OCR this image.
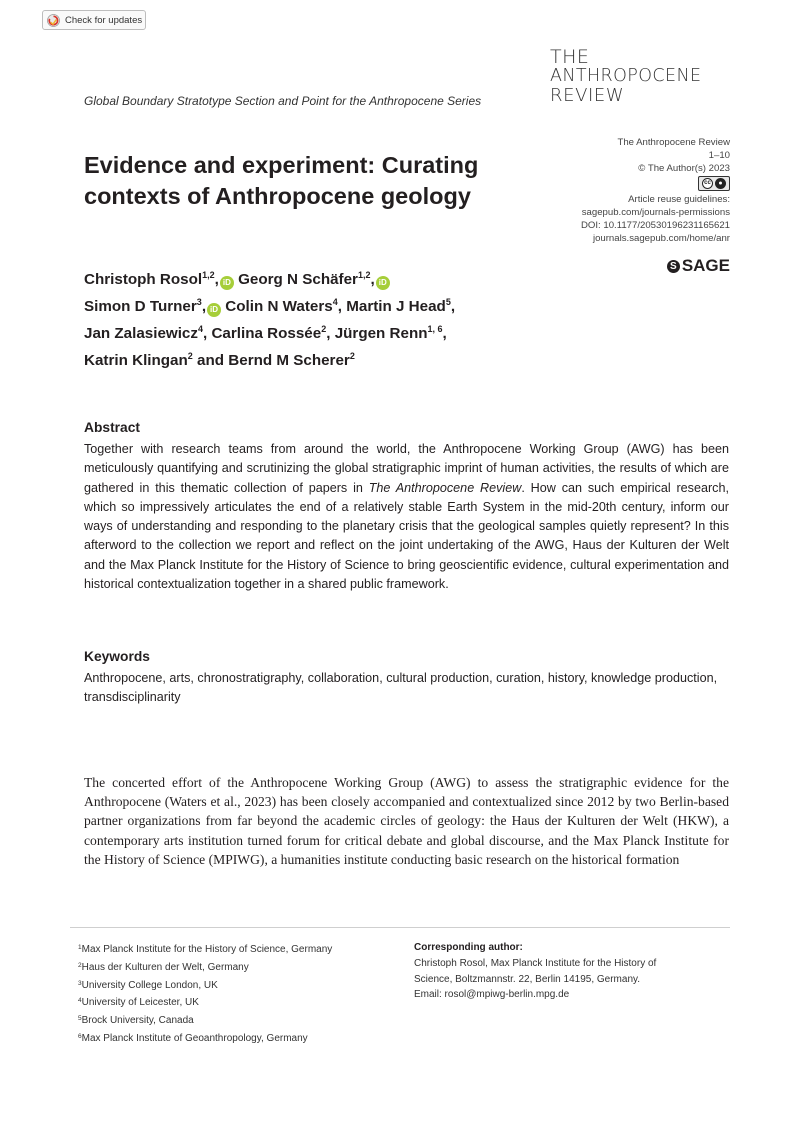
Check for updates
Global Boundary Stratotype Section and Point for the Anthropocene Series
THE
ANTHROPOCENE
REVIEW
Evidence and experiment: Curating contexts of Anthropocene geology
The Anthropocene Review
1–10
© The Author(s) 2023
cc	●
Article reuse guidelines:
sagepub.com/journals-permissions
DOI: 10.1177/20530196231165621
journals.sagepub.com/home/anr
S SAGE
Christoph Rosol$^{1,2}$, iD Georg N Schäfer$^{1,2}$, iD
Simon D Turner$^3$, iD Colin N Waters$^4$, Martin J Head$^5$,
Jan Zalasiewicz$^4$, Carlina Rossée$^2$, Jürgen Renn$^{1, 6}$,
Katrin Klingan$^2$ and Bernd M Scherer$^2$
Abstract

Together with research teams from around the world, the Anthropocene Working Group (AWG) has been meticulously quantifying and scrutinizing the global stratigraphic imprint of human activities, the results of which are gathered in this thematic collection of papers in The Anthropocene Review. How can such empirical research, which so impressively articulates the end of a relatively stable Earth System in the mid-20th century, inform our ways of understanding and responding to the planetary crisis that the geological samples quietly represent? In this afterword to the collection we report and reflect on the joint undertaking of the AWG, Haus der Kulturen der Welt and the Max Planck Institute for the History of Science to bring geoscientific evidence, cultural experimentation and historical contextualization together in a shared public framework.

Keywords

Anthropocene, arts, chronostratigraphy, collaboration, cultural production, curation, history, knowledge production, transdisciplinarity

The concerted effort of the Anthropocene Working Group (AWG) to assess the stratigraphic evidence for the Anthropocene (Waters et al., 2023) has been closely accompanied and contextualized since 2012 by two Berlin-based partner organizations from far beyond the academic circles of geology: the Haus der Kulturen der Welt (HKW), a contemporary arts institution turned forum for critical debate and global discourse, and the Max Planck Institute for the History of Science (MPIWG), a humanities institute conducting basic research on the historical formation

$^1$Max Planck Institute for the History of Science, Germany
$^2$Haus der Kulturen der Welt, Germany
$^3$University College London, UK
$^4$University of Leicester, UK
$^5$Brock University, Canada
$^6$Max Planck Institute of Geoanthropology, Germany
Corresponding author:
Christoph Rosol, Max Planck Institute for the History of
Science, Boltzmannstr. 22, Berlin 14195, Germany.
Email: rosol@mpiwg-berlin.mpg.de
